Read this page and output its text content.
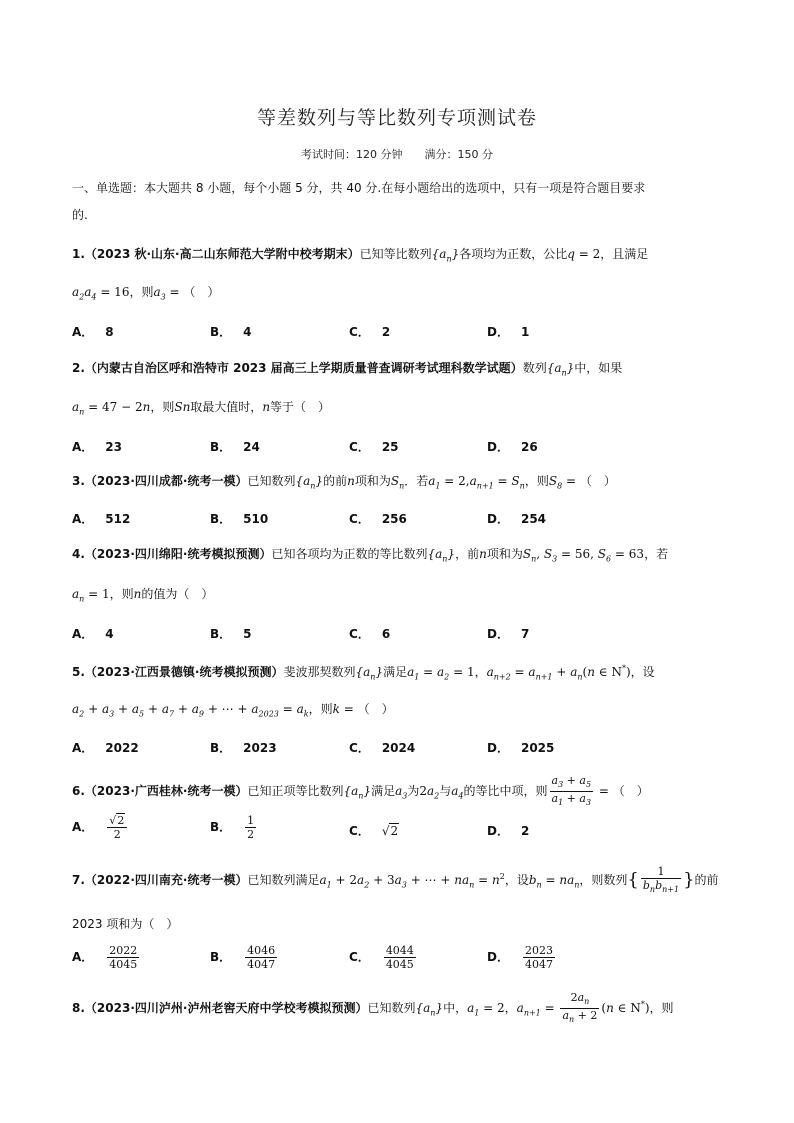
等差数列与等比数列专项测试卷
考试时间：120 分钟 满分：150 分
一、单选题：本大题共 8 小题，每个小题 5 分，共 40 分.在每小题给出的选项中，只有一项是符合题目要求
的.
1.（2023 秋·山东·高二山东师范大学附中校考期末）已知等比数列$\{a_n\}$各项均为正数，公比q = 2，且满足
$a_2a_4 = 16$，则$a_3$ = （　）
A． 8	B． 4	C． 2	D． 1
2.（内蒙古自治区呼和浩特市 2023 届高三上学期质量普查调研考试理科数学试题）数列$\{a_n\}$中，如果
$a_n = 47 - 2n$，则Sn取最大值时，n等于（　）
A． 23	B． 24	C． 25	D． 26
3.（2023·四川成都·统考一模）已知数列$\{a_n\}$的前n项和为$S_n$．若$a_1 = 2,a_{n+1} = S_n$，则$S_8$ = （　）
A． 512	B． 510	C． 256	D． 254
4.（2023·四川绵阳·统考模拟预测）已知各项均为正数的等比数列$\{a_n\}$，前n项和为$S_n$, $S_3 = 56$, $S_6 = 63$，若
$a_n = 1$，则n的值为（　）
A． 4	B． 5	C． 6	D． 7
5.（2023·江西景德镇·统考模拟预测）斐波那契数列$\{a_n\}$满足$a_1 = a_2 = 1$，$a_{n+2} = a_{n+1} + a_n(n$ ∈ N*)，设
$a_2 + a_3 + a_5 + a_7 + a_9$ + ⋯ + $a_{2023} = a_k$，则k = （　）
A． 2022	B． 2023	C． 2024	D． 2025
6.（2023·广西桂林·统考一模）已知正项等比数列$\{a_n\}$满足$a_3$为$2a_2$与$a_4$的等比中项，则 $\frac{a_3 + a_5}{a_1 + a_3}$ = （　）
A． $\frac{√2}{2}$	B． $\frac{1}{2}$	C． √2	D． 2
7.（2022·四川南充·统考一模）已知数列满足$a_1 + 2a_2 + 3a_3$ + ⋯ + $na_n = n^2$，设$b_n = na_n$，则数列{ $\frac{1}{b_nb_{n+1}}$ }的前
2023 项和为（　）
A． $\frac{2022}{4045}$	B． $\frac{4046}{4047}$	C． $\frac{4044}{4045}$	D． $\frac{2023}{4047}$
8.（2023·四川泸州·泸州老窖天府中学校考模拟预测）已知数列$\{a_n\}$中，$a_1 = 2$，$a_{n+1} = \frac{2a_n}{a_n + 2} (n$ ∈ N*)，则
